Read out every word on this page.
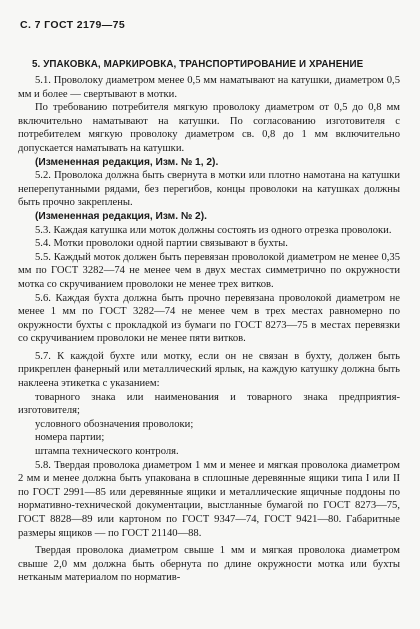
С. 7 ГОСТ 2179—75
5. УПАКОВКА, МАРКИРОВКА, ТРАНСПОРТИРОВАНИЕ И ХРАНЕНИЕ

5.1. Проволоку диаметром менее 0,5 мм наматывают на катушки, диаметром 0,5 мм и более — свертывают в мотки.

По требованию потребителя мягкую проволоку диаметром от 0,5 до 0,8 мм включительно наматывают на катушки. По согласованию изготовителя с потребителем мягкую проволоку диаметром св. 0,8 до 1 мм включительно допускается наматывать на катушки.

(Измененная редакция, Изм. № 1, 2).

5.2. Проволока должна быть свернута в мотки или плотно намотана на катушки неперепутанными рядами, без перегибов, концы проволоки на катушках должны быть прочно закреплены.

(Измененная редакция, Изм. № 2).

5.3. Каждая катушка или моток должны состоять из одного отрезка проволоки.

5.4. Мотки проволоки одной партии связывают в бухты.

5.5. Каждый моток должен быть перевязан проволокой диаметром не менее 0,35 мм по ГОСТ 3282—74 не менее чем в двух местах симметрично по окружности мотка со скручиванием проволоки не менее трех витков.

5.6. Каждая бухта должна быть прочно перевязана проволокой диаметром не менее 1 мм по ГОСТ 3282—74 не менее чем в трех местах равномерно по окружности бухты с прокладкой из бумаги по ГОСТ 8273—75 в местах перевязки со скручиванием проволоки не менее пяти витков.

5.7. К каждой бухте или мотку, если он не связан в бухту, должен быть прикреплен фанерный или металлический ярлык, на каждую катушку должна быть наклеена этикетка с указанием:

товарного знака или наименования и товарного знака предприятия-изготовителя;

условного обозначения проволоки;

номера партии;

штампа технического контроля.

5.8. Твердая проволока диаметром 1 мм и менее и мягкая проволока диаметром 2 мм и менее должна быть упакована в сплошные деревянные ящики типа I или II по ГОСТ 2991—85 или деревянные ящики и металлические ящичные поддоны по нормативно-технической документации, выстланные бумагой по ГОСТ 8273—75, ГОСТ 8828—89 или картоном по ГОСТ 9347—74, ГОСТ 9421—80. Габаритные размеры ящиков — по ГОСТ 21140—88.

Твердая проволока диаметром свыше 1 мм и мягкая проволока диаметром свыше 2,0 мм должна быть обернута по длине окружности мотка или бухты нетканым материалом по норматив-
